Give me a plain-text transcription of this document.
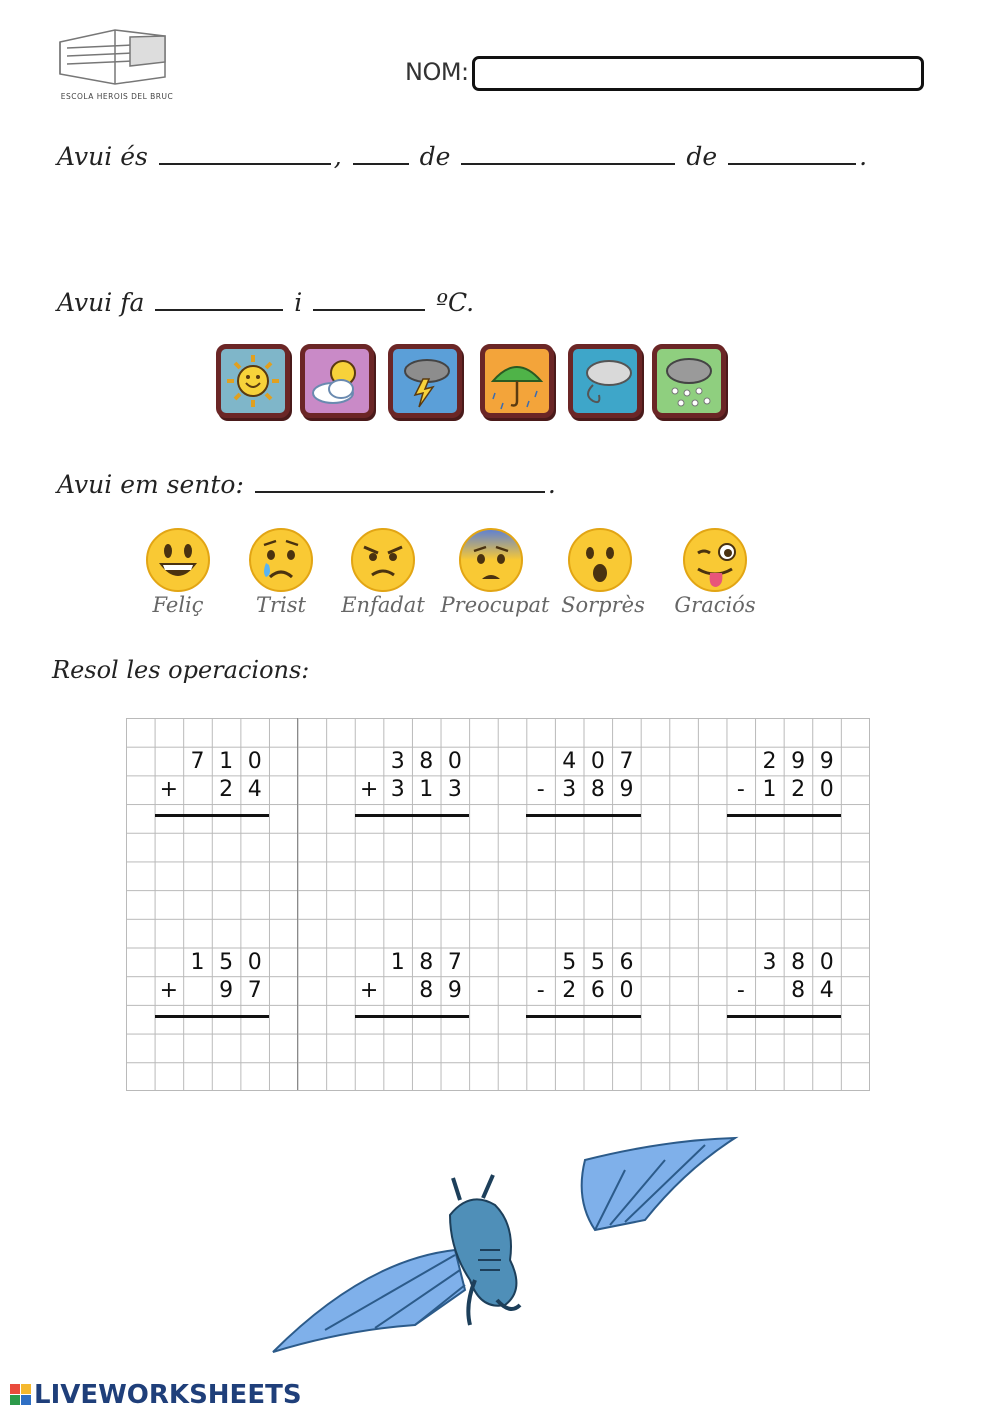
ESCOLA HEROIS DEL BRUC
NOM:
Avui és	,	de	de	.
Avui fa	i	ºC.
Avui em sento:	.
Feliç	Trist	Enfadat Preocupat Sorprès Graciós
Resol les operacions:
7 1 0
+	2 4
3 8 0
+ 3 1 3
4 0 7
- 3 8 9
2 9 9
- 1 2 0
1 5 0
+	9 7
1 8 7
+	8 9
5 5 6
- 2 6 0
3 8 0
-	8 4
LIVEWORKSHEETS
